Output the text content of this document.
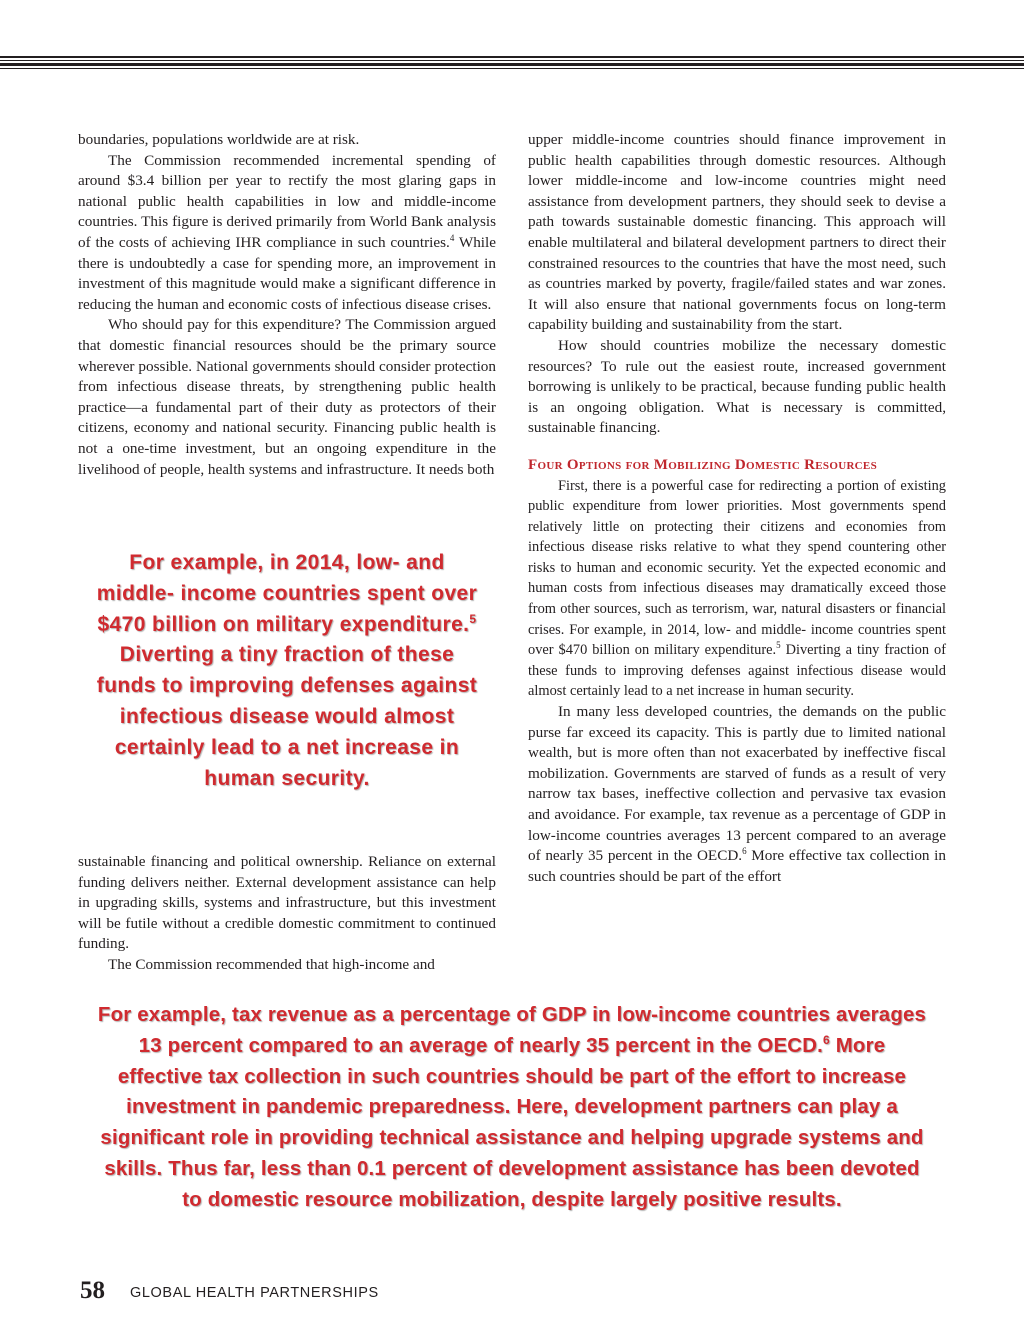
boundaries, populations worldwide are at risk.

The Commission recommended incremental spending of around $3.4 billion per year to rectify the most glaring gaps in national public health capabilities in low and middle-income countries. This figure is derived primarily from World Bank analysis of the costs of achieving IHR compliance in such countries.$^4$ While there is undoubtedly a case for spending more, an improvement in investment of this magnitude would make a significant difference in reducing the human and economic costs of infectious disease crises.

Who should pay for this expenditure? The Commission argued that domestic financial resources should be the primary source wherever possible. National governments should consider protection from infectious disease threats, by strengthening public health practice—a fundamental part of their duty as protectors of their citizens, economy and national security. Financing public health is not a one-time investment, but an ongoing expenditure in the livelihood of people, health systems and infrastructure. It needs both

For example, in 2014, low- and middle- income countries spent over $470 billion on military expenditure.$^5$ Diverting a tiny fraction of these funds to improving defenses against infectious disease would almost certainly lead to a net increase in human security.

sustainable financing and political ownership. Reliance on external funding delivers neither. External development assistance can help in upgrading skills, systems and infrastructure, but this investment will be futile without a credible domestic commitment to continued funding.

The Commission recommended that high-income and

upper middle-income countries should finance improvement in public health capabilities through domestic resources. Although lower middle-income and low-income countries might need assistance from development partners, they should seek to devise a path towards sustainable domestic financing. This approach will enable multilateral and bilateral development partners to direct their constrained resources to the countries that have the most need, such as countries marked by poverty, fragile/failed states and war zones. It will also ensure that national governments focus on long-term capability building and sustainability from the start.

How should countries mobilize the necessary domestic resources? To rule out the easiest route, increased government borrowing is unlikely to be practical, because funding public health is an ongoing obligation. What is necessary is committed, sustainable financing.

Four Options for Mobilizing Domestic Resources

First, there is a powerful case for redirecting a portion of existing public expenditure from lower priorities. Most governments spend relatively little on protecting their citizens and economies from infectious disease risks relative to what they spend countering other risks to human and economic security. Yet the expected economic and human costs from infectious diseases may dramatically exceed those from other sources, such as terrorism, war, natural disasters or financial crises. For example, in 2014, low- and middle- income countries spent over $470 billion on military expenditure.$^5$ Diverting a tiny fraction of these funds to improving defenses against infectious disease would almost certainly lead to a net increase in human security.

In many less developed countries, the demands on the public purse far exceed its capacity. This is partly due to limited national wealth, but is more often than not exacerbated by ineffective fiscal mobilization. Governments are starved of funds as a result of very narrow tax bases, ineffective collection and pervasive tax evasion and avoidance. For example, tax revenue as a percentage of GDP in low-income countries averages 13 percent compared to an average of nearly 35 percent in the OECD.$^6$ More effective tax collection in such countries should be part of the effort

For example, tax revenue as a percentage of GDP in low-income countries averages 13 percent compared to an average of nearly 35 percent in the OECD.$^6$ More effective tax collection in such countries should be part of the effort to increase investment in pandemic preparedness. Here, development partners can play a significant role in providing technical assistance and helping upgrade systems and skills. Thus far, less than 0.1 percent of development assistance has been devoted to domestic resource mobilization, despite largely positive results.

58 GLOBAL HEALTH PARTNERSHIPS
